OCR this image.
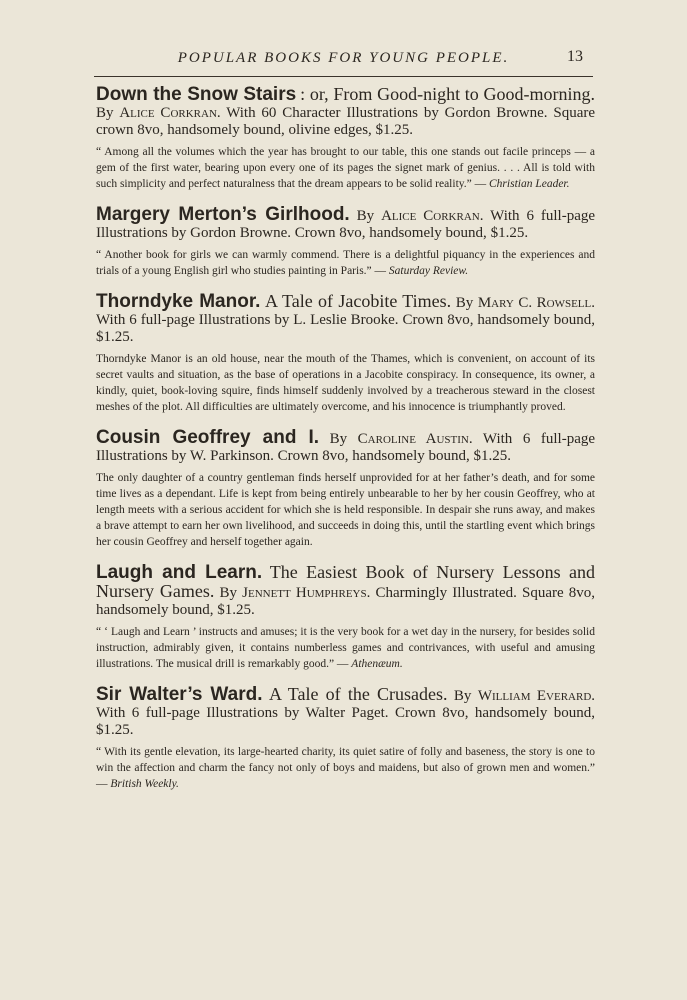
POPULAR BOOKS FOR YOUNG PEOPLE.	13
Down the Snow Stairs : or, From Good-night to Good-morning. By Alice Corkran. With 60 Character Illustrations by Gordon Browne. Square crown 8vo, handsomely bound, olivine edges, $1.25.
“ Among all the volumes which the year has brought to our table, this one stands out facile princeps — a gem of the first water, bearing upon every one of its pages the signet mark of genius. . . . All is told with such simplicity and perfect naturalness that the dream appears to be solid reality.” — Christian Leader.
Margery Merton’s Girlhood. By Alice Corkran. With 6 full-page Illustrations by Gordon Browne. Crown 8vo, handsomely bound, $1.25.
“ Another book for girls we can warmly commend. There is a delightful piquancy in the experiences and trials of a young English girl who studies painting in Paris.” — Saturday Review.
Thorndyke Manor. A Tale of Jacobite Times. By Mary C. Rowsell. With 6 full-page Illustrations by L. Leslie Brooke. Crown 8vo, handsomely bound, $1.25.
Thorndyke Manor is an old house, near the mouth of the Thames, which is convenient, on account of its secret vaults and situation, as the base of operations in a Jacobite conspiracy. In consequence, its owner, a kindly, quiet, book-loving squire, finds himself suddenly involved by a treacherous steward in the closest meshes of the plot. All difficulties are ultimately overcome, and his innocence is triumphantly proved.
Cousin Geoffrey and I. By Caroline Austin. With 6 full-page Illustrations by W. Parkinson. Crown 8vo, handsomely bound, $1.25.
The only daughter of a country gentleman finds herself unprovided for at her father’s death, and for some time lives as a dependant. Life is kept from being entirely unbearable to her by her cousin Geoffrey, who at length meets with a serious accident for which she is held responsible. In despair she runs away, and makes a brave attempt to earn her own livelihood, and succeeds in doing this, until the startling event which brings her cousin Geoffrey and herself together again.
Laugh and Learn. The Easiest Book of Nursery Lessons and Nursery Games. By Jennett Humphreys. Charmingly Illustrated. Square 8vo, handsomely bound, $1.25.
“ ‘ Laugh and Learn ’ instructs and amuses; it is the very book for a wet day in the nursery, for besides solid instruction, admirably given, it contains numberless games and contrivances, with useful and amusing illustrations. The musical drill is remarkably good.” — Athenæum.
Sir Walter’s Ward. A Tale of the Crusades. By William Everard. With 6 full-page Illustrations by Walter Paget. Crown 8vo, handsomely bound, $1.25.
“ With its gentle elevation, its large-hearted charity, its quiet satire of folly and baseness, the story is one to win the affection and charm the fancy not only of boys and maidens, but also of grown men and women.” — British Weekly.
